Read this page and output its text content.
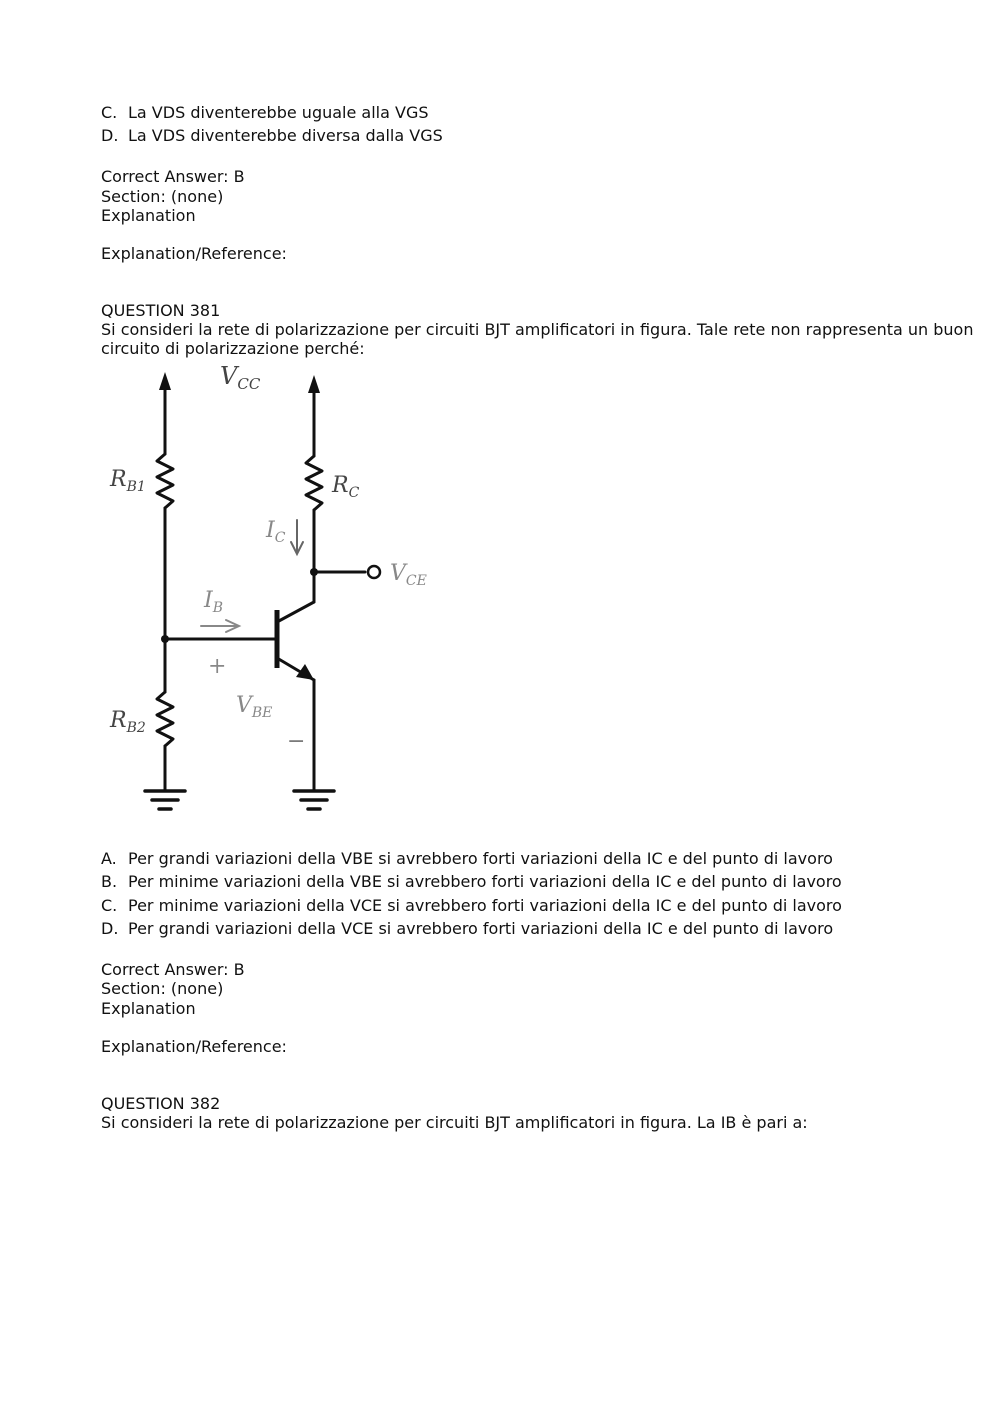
C. La VDS diventerebbe uguale alla VGS
D. La VDS diventerebbe diversa dalla VGS
Correct Answer: B
Section: (none)
Explanation
Explanation/Reference:
QUESTION 381
Si consideri la rete di polarizzazione per circuiti BJT amplificatori in figura. Tale rete non rappresenta un buon circuito di polarizzazione perché:
$V_{CC}$
$R_{B1}$	$R_C$
$I_C$
$V_{CE}$
$I_B$
+
$V_{BE}$
−
$R_{B2}$
A. Per grandi variazioni della VBE si avrebbero forti variazioni della IC e del punto di lavoro
B. Per minime variazioni della VBE si avrebbero forti variazioni della IC e del punto di lavoro
C. Per minime variazioni della VCE si avrebbero forti variazioni della IC e del punto di lavoro
D. Per grandi variazioni della VCE si avrebbero forti variazioni della IC e del punto di lavoro
Correct Answer: B
Section: (none)
Explanation
Explanation/Reference:
QUESTION 382
Si consideri la rete di polarizzazione per circuiti BJT amplificatori in figura. La IB è pari a:
